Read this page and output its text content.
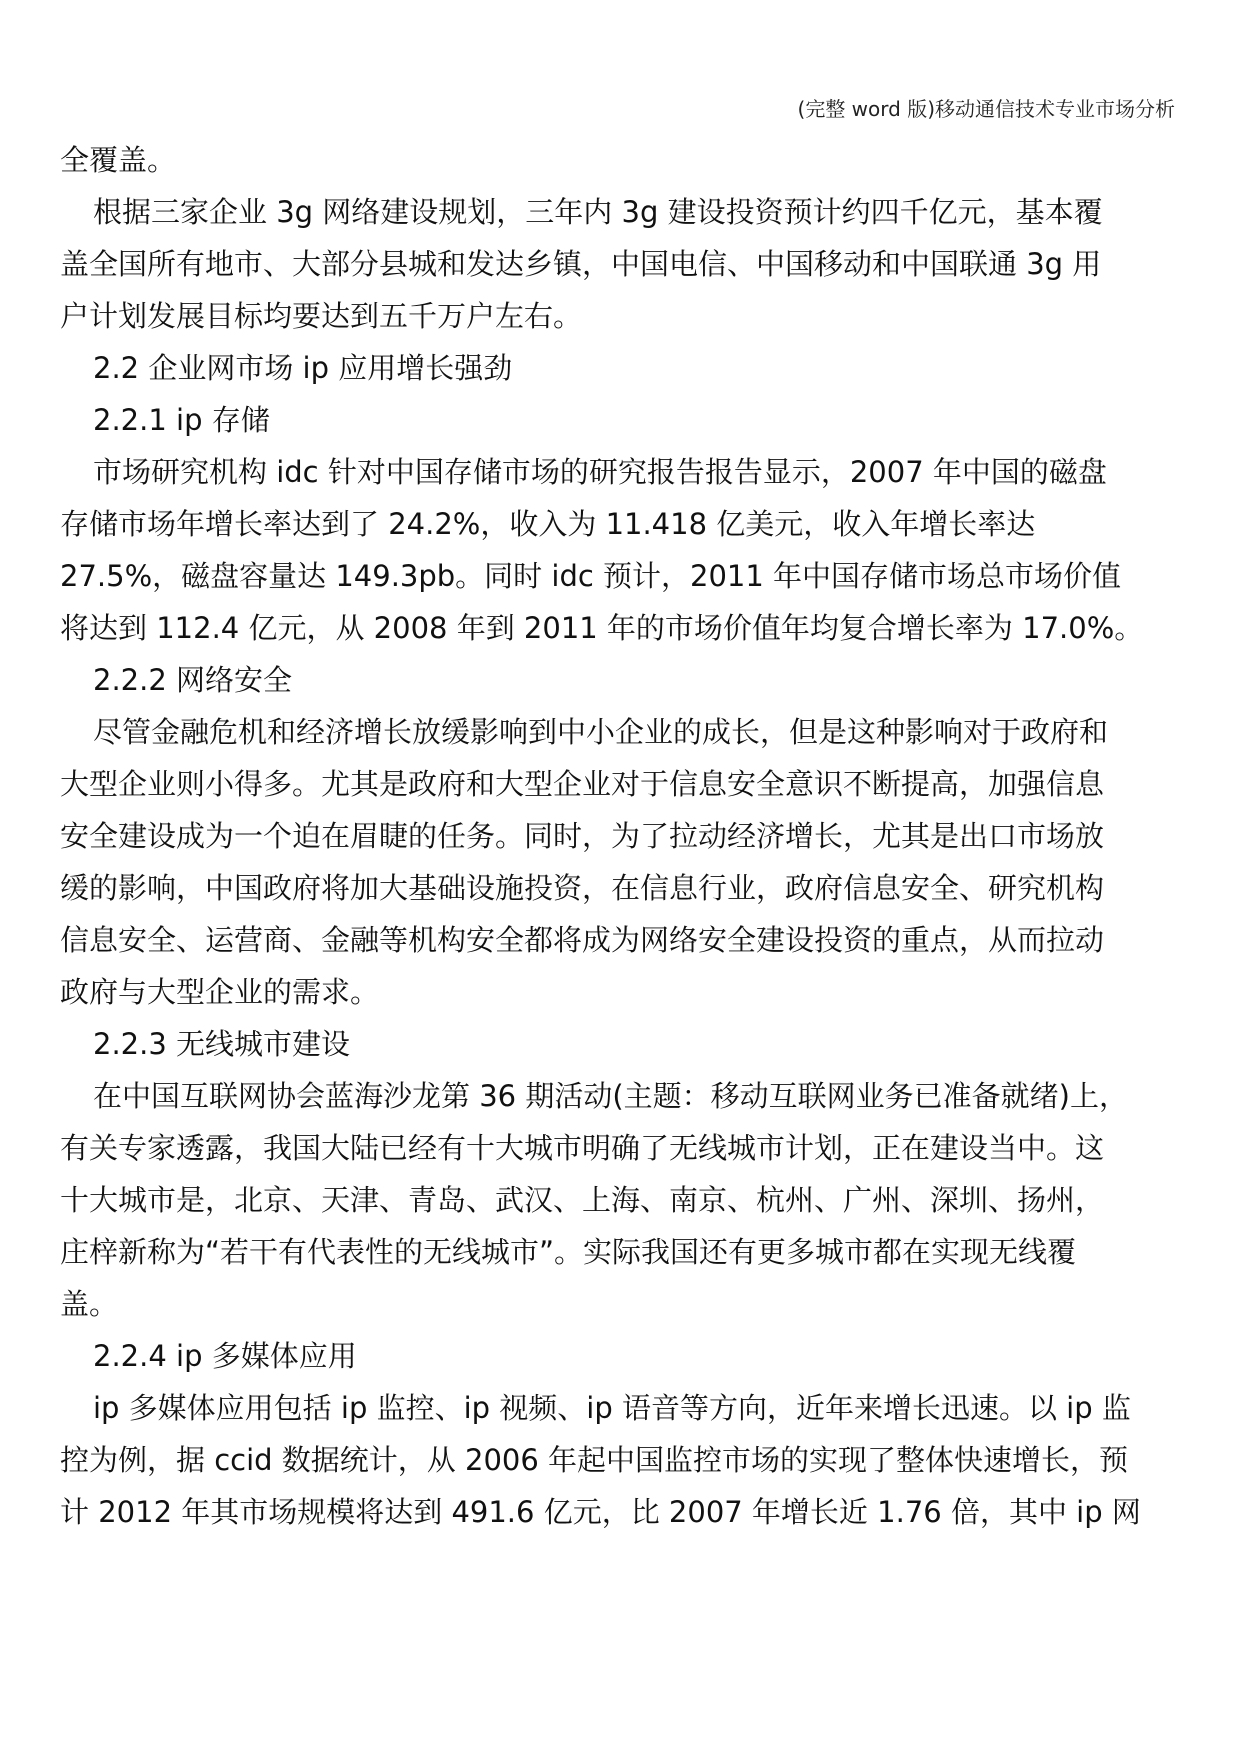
(完整 word 版)移动通信技术专业市场分析
全覆盖。
根据三家企业 3g 网络建设规划，三年内 3g 建设投资预计约四千亿元，基本覆
盖全国所有地市、大部分县城和发达乡镇，中国电信、中国移动和中国联通 3g 用
户计划发展目标均要达到五千万户左右。
2.2 企业网市场 ip 应用增长强劲
2.2.1 ip 存储
市场研究机构 idc 针对中国存储市场的研究报告报告显示，2007 年中国的磁盘
存储市场年增长率达到了 24.2%，收入为 11.418 亿美元，收入年增长率达
27.5%，磁盘容量达 149.3pb。同时 idc 预计，2011 年中国存储市场总市场价值
将达到 112.4 亿元，从 2008 年到 2011 年的市场价值年均复合增长率为 17.0%。
2.2.2 网络安全
尽管金融危机和经济增长放缓影响到中小企业的成长，但是这种影响对于政府和
大型企业则小得多。尤其是政府和大型企业对于信息安全意识不断提高，加强信息
安全建设成为一个迫在眉睫的任务。同时，为了拉动经济增长，尤其是出口市场放
缓的影响，中国政府将加大基础设施投资，在信息行业，政府信息安全、研究机构
信息安全、运营商、金融等机构安全都将成为网络安全建设投资的重点，从而拉动
政府与大型企业的需求。
2.2.3 无线城市建设
在中国互联网协会蓝海沙龙第 36 期活动(主题：移动互联网业务已准备就绪)上，
有关专家透露，我国大陆已经有十大城市明确了无线城市计划，正在建设当中。这
十大城市是，北京、天津、青岛、武汉、上海、南京、杭州、广州、深圳、扬州，
庄梓新称为“若干有代表性的无线城市”。实际我国还有更多城市都在实现无线覆
盖。
2.2.4 ip 多媒体应用
ip 多媒体应用包括 ip 监控、ip 视频、ip 语音等方向，近年来增长迅速。以 ip 监
控为例，据 ccid 数据统计，从 2006 年起中国监控市场的实现了整体快速增长，预
计 2012 年其市场规模将达到 491.6 亿元，比 2007 年增长近 1.76 倍，其中 ip 网
